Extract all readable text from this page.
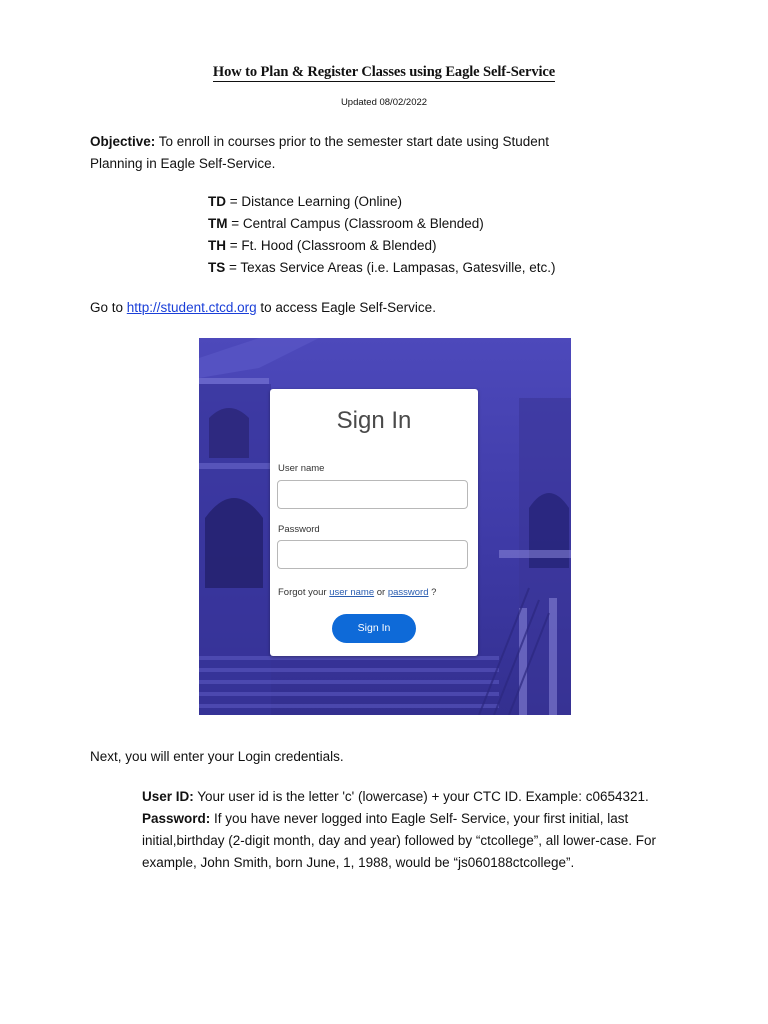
How to Plan & Register Classes using Eagle Self-Service
Updated 08/02/2022
Objective: To enroll in courses prior to the semester start date using Student Planning in Eagle Self-Service.
TD = Distance Learning (Online)
TM = Central Campus (Classroom & Blended)
TH = Ft. Hood (Classroom & Blended)
TS = Texas Service Areas (i.e. Lampasas, Gatesville, etc.)
Go to http://student.ctcd.org to access Eagle Self-Service.
Sign In
User name
Password
Forgot your user name or password ?
Sign In
Next, you will enter your Login credentials.
User ID: Your user id is the letter 'c' (lowercase) + your CTC ID. Example: c0654321.
Password: If you have never logged into Eagle Self- Service, your first initial, last initial,birthday (2-digit month, day and year) followed by “ctcollege”, all lower-case. For example, John Smith, born June, 1, 1988, would be “js060188ctcollege”.
